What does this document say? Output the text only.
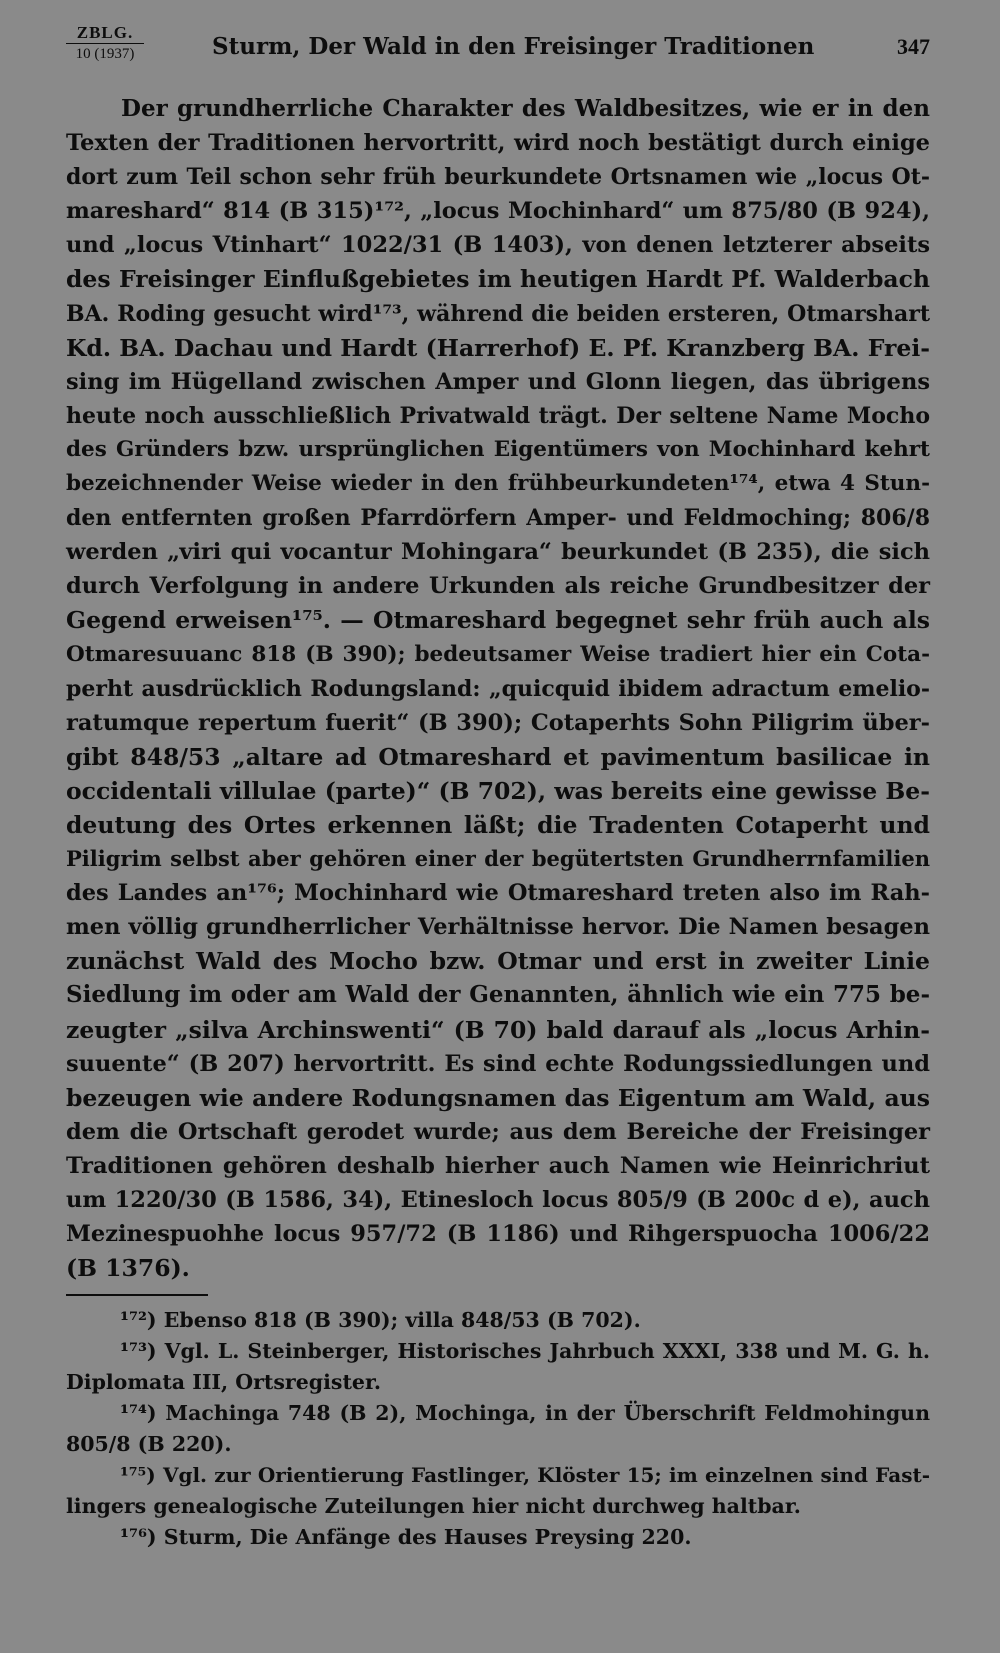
ZBLG.
10 (1937)	Sturm, Der Wald in den Freisinger Traditionen	347
Der grundherrliche Charakter des Waldbesitzes, wie er in den
Texten der Traditionen hervortritt, wird noch bestätigt durch einige
dort zum Teil schon sehr früh beurkundete Ortsnamen wie „locus Ot-
mareshard“ 814 (B 315)¹⁷², „locus Mochinhard“ um 875/80 (B 924),
und „locus Vtinhart“ 1022/31 (B 1403), von denen letzterer abseits
des Freisinger Einflußgebietes im heutigen Hardt Pf. Walderbach
BA. Roding gesucht wird¹⁷³, während die beiden ersteren, Otmarshart
Kd. BA. Dachau und Hardt (Harrerhof) E. Pf. Kranzberg BA. Frei-
sing im Hügelland zwischen Amper und Glonn liegen, das übrigens
heute noch ausschließlich Privatwald trägt. Der seltene Name Mocho
des Gründers bzw. ursprünglichen Eigentümers von Mochinhard kehrt
bezeichnender Weise wieder in den frühbeurkundeten¹⁷⁴, etwa 4 Stun-
den entfernten großen Pfarrdörfern Amper- und Feldmoching; 806/8
werden „viri qui vocantur Mohingara“ beurkundet (B 235), die sich
durch Verfolgung in andere Urkunden als reiche Grundbesitzer der
Gegend erweisen¹⁷⁵. — Otmareshard begegnet sehr früh auch als
Otmaresuuanc 818 (B 390); bedeutsamer Weise tradiert hier ein Cota-
perht ausdrücklich Rodungsland: „quicquid ibidem adractum emelio-
ratumque repertum fuerit“ (B 390); Cotaperhts Sohn Piligrim über-
gibt 848/53 „altare ad Otmareshard et pavimentum basilicae in
occidentali villulae (parte)“ (B 702), was bereits eine gewisse Be-
deutung des Ortes erkennen läßt; die Tradenten Cotaperht und
Piligrim selbst aber gehören einer der begütertsten Grundherrnfamilien
des Landes an¹⁷⁶; Mochinhard wie Otmareshard treten also im Rah-
men völlig grundherrlicher Verhältnisse hervor. Die Namen besagen
zunächst Wald des Mocho bzw. Otmar und erst in zweiter Linie
Siedlung im oder am Wald der Genannten, ähnlich wie ein 775 be-
zeugter „silva Archinswenti“ (B 70) bald darauf als „locus Arhin-
suuente“ (B 207) hervortritt. Es sind echte Rodungssiedlungen und
bezeugen wie andere Rodungsnamen das Eigentum am Wald, aus
dem die Ortschaft gerodet wurde; aus dem Bereiche der Freisinger
Traditionen gehören deshalb hierher auch Namen wie Heinrichriut
um 1220/30 (B 1586, 34), Etinesloch locus 805/9 (B 200c d e), auch
Mezinespuohhe locus 957/72 (B 1186) und Rihgerspuocha 1006/22
(B 1376).
¹⁷²) Ebenso 818 (B 390); villa 848/53 (B 702).
¹⁷³) Vgl. L. Steinberger, Historisches Jahrbuch XXXI, 338 und M. G. h.
Diplomata III, Ortsregister.
¹⁷⁴) Machinga 748 (B 2), Mochinga, in der Überschrift Feldmohingun
805/8 (B 220).
¹⁷⁵) Vgl. zur Orientierung Fastlinger, Klöster 15; im einzelnen sind Fast-
lingers genealogische Zuteilungen hier nicht durchweg haltbar.
¹⁷⁶) Sturm, Die Anfänge des Hauses Preysing 220.
